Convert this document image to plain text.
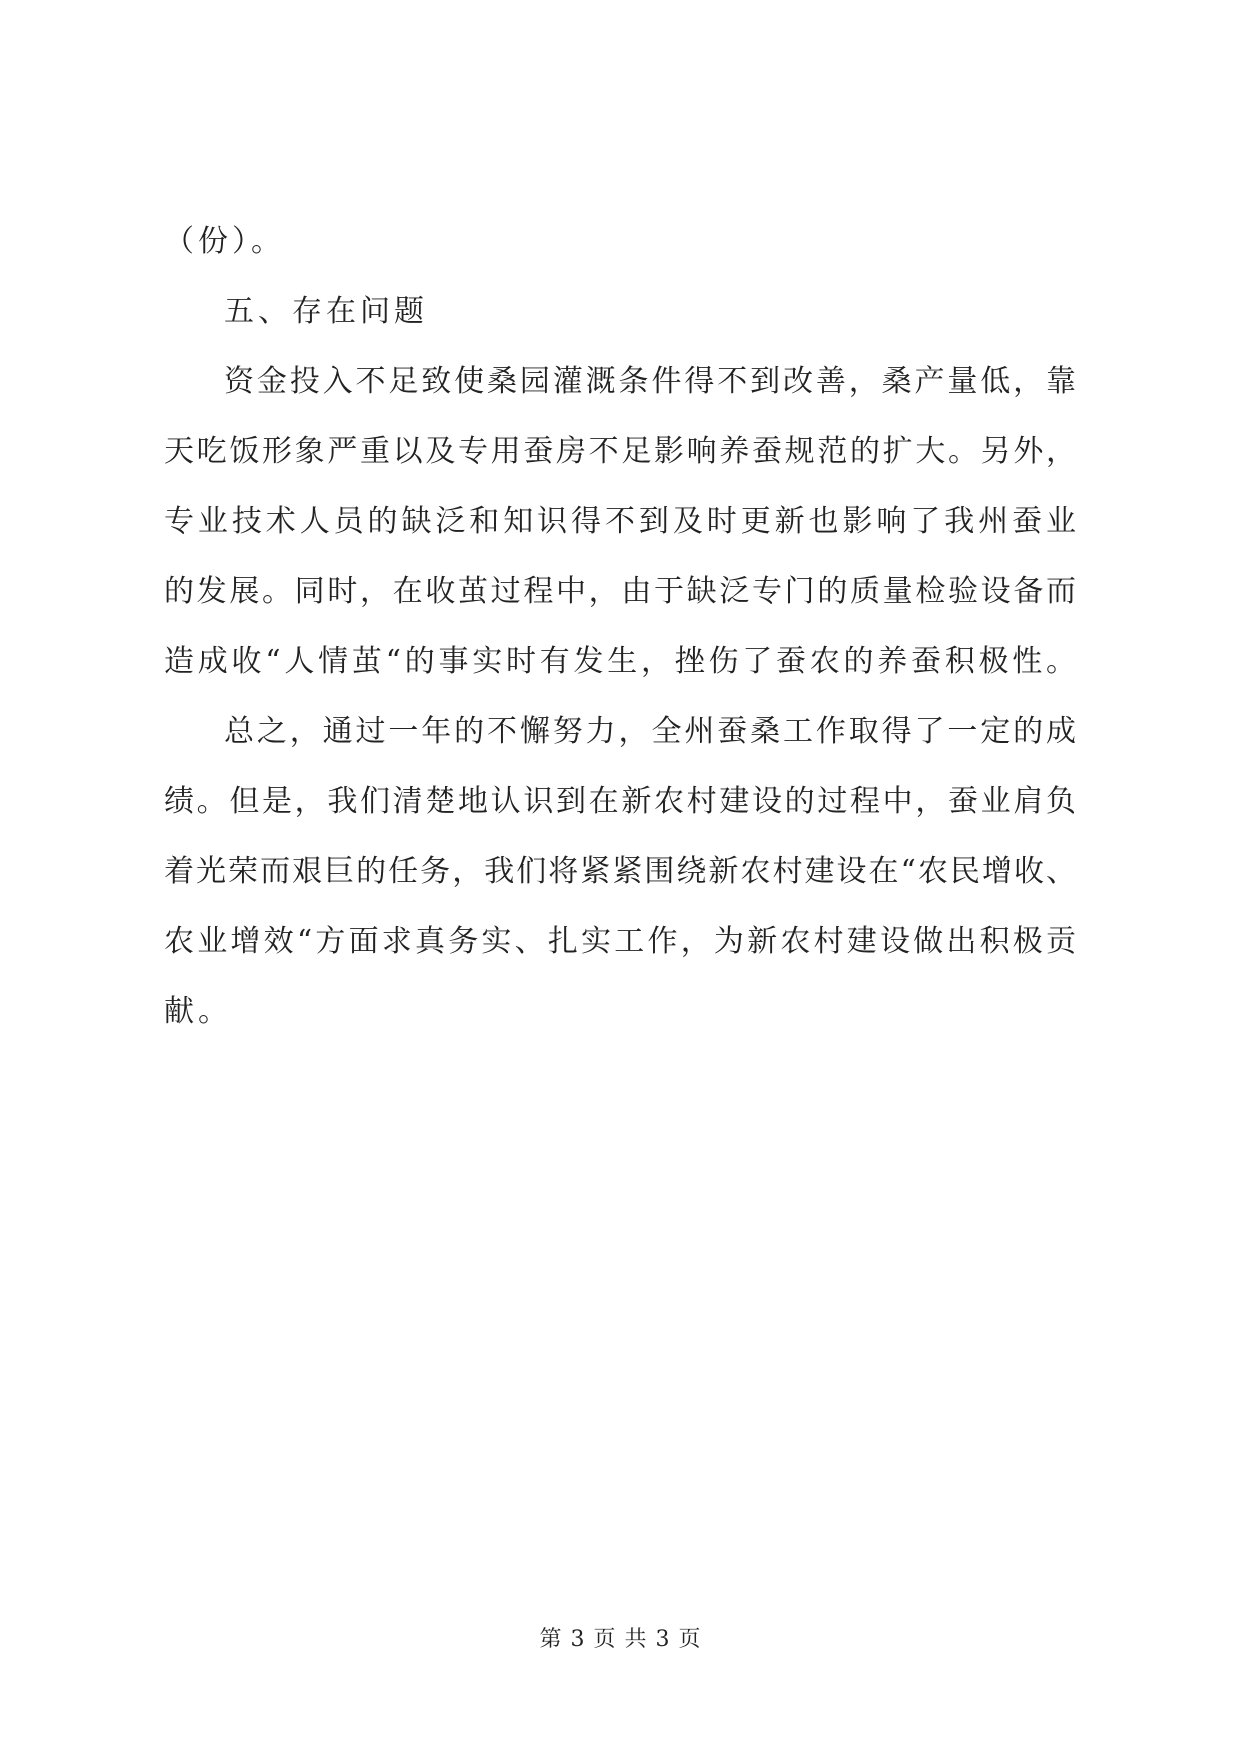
（份）。
五、存在问题
资金投入不足致使桑园灌溉条件得不到改善，桑产量低，靠
天吃饭形象严重以及专用蚕房不足影响养蚕规范的扩大。另外，
专业技术人员的缺泛和知识得不到及时更新也影响了我州蚕业
的发展。同时，在收茧过程中，由于缺泛专门的质量检验设备而
造成收“人情茧“的事实时有发生，挫伤了蚕农的养蚕积极性。
总之，通过一年的不懈努力，全州蚕桑工作取得了一定的成
绩。但是，我们清楚地认识到在新农村建设的过程中，蚕业肩负
着光荣而艰巨的任务，我们将紧紧围绕新农村建设在“农民增收、
农业增效“方面求真务实、扎实工作，为新农村建设做出积极贡
献。
第 3 页 共 3 页
